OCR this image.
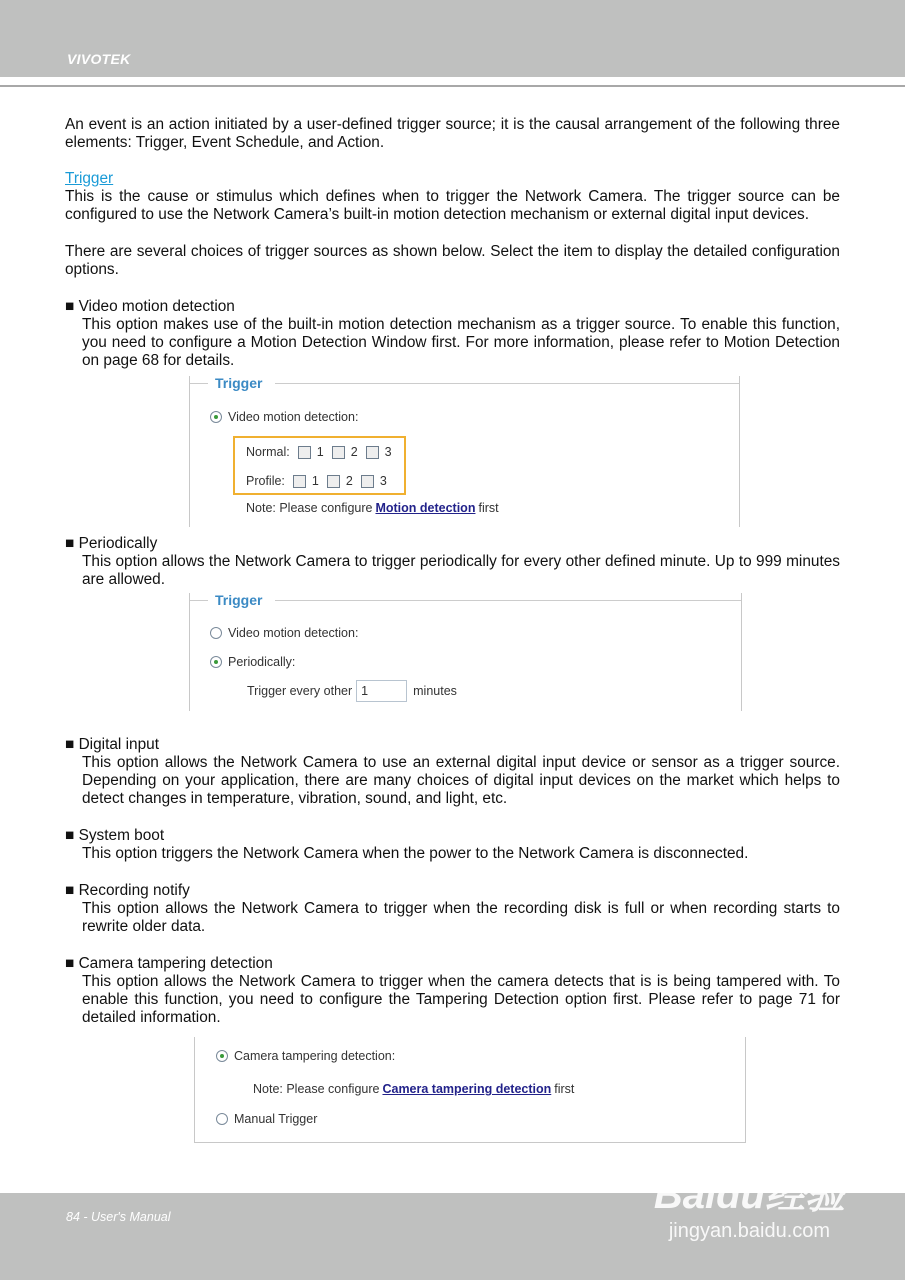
VIVOTEK
An event is an action initiated by a user-defined trigger source; it is the causal arrangement of the following three elements: Trigger, Event Schedule, and Action.
Trigger
This is the cause or stimulus which defines when to trigger the Network Camera. The trigger source can be configured to use the Network Camera’s built-in motion detection mechanism or external digital input devices.
There are several choices of trigger sources as shown below. Select the item to display the detailed configuration options.
■ Video motion detection
This option makes use of the built-in motion detection mechanism as a trigger source. To enable this function, you need to configure a Motion Detection Window first. For more information, please refer to Motion Detection on page 68 for details.
Trigger
Video motion detection:
Normal: 1 2 3
Profile: 1 2 3
Note: Please configure Motion detection first
■ Periodically
This option allows the Network Camera to trigger periodically for every other defined minute. Up to 999 minutes are allowed.
Trigger
Video motion detection:
Periodically:
Trigger every other 1	minutes
■ Digital input
This option allows the Network Camera to use an external digital input device or sensor as a trigger source. Depending on your application, there are many choices of digital input devices on the market which helps to detect changes in temperature, vibration, sound, and light, etc.
■ System boot
This option triggers the Network Camera when the power to the Network Camera is disconnected.
■ Recording notify
This option allows the Network Camera to trigger when the recording disk is full or when recording starts to rewrite older data.
■ Camera tampering detection
This option allows the Network Camera to trigger when the camera detects that is is being tampered with. To enable this function, you need to configure the Tampering Detection option first. Please refer to page 71 for detailed information.
Camera tampering detection:
Note: Please configure Camera tampering detection first
Manual Trigger
84 - User's Manual	Baidu经验
jingyan.baidu.com
